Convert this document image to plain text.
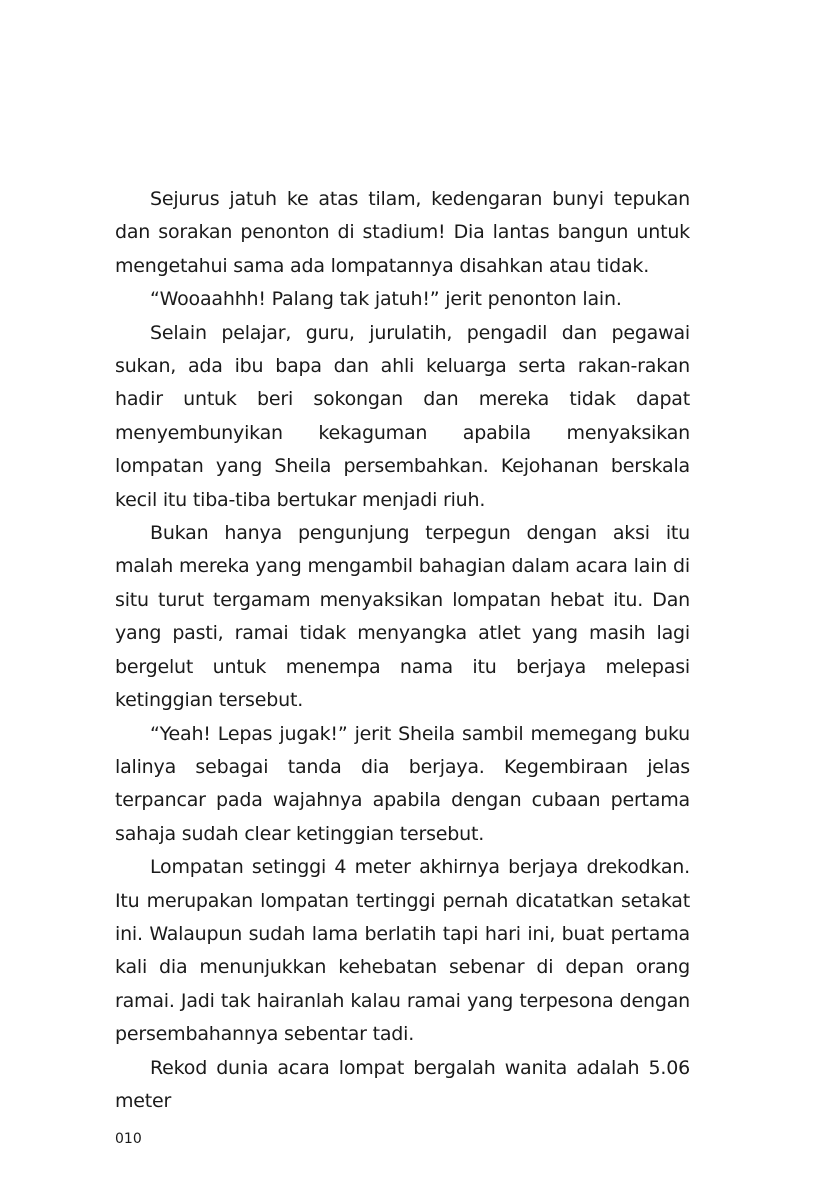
Sejurus jatuh ke atas tilam, kedengaran bunyi tepukan dan sorakan penonton di stadium! Dia lantas bangun untuk mengetahui sama ada lompatannya disahkan atau tidak.

“Wooaahhh! Palang tak jatuh!” jerit penonton lain.

Selain pelajar, guru, jurulatih, pengadil dan pegawai sukan, ada ibu bapa dan ahli keluarga serta rakan-rakan hadir untuk beri sokongan dan mereka tidak dapat menyembunyikan kekaguman apabila menyaksikan lompatan yang Sheila persembahkan. Kejohanan berskala kecil itu tiba-tiba bertukar menjadi riuh.

Bukan hanya pengunjung terpegun dengan aksi itu malah mereka yang mengambil bahagian dalam acara lain di situ turut tergamam menyaksikan lompatan hebat itu. Dan yang pasti, ramai tidak menyangka atlet yang masih lagi bergelut untuk menempa nama itu berjaya melepasi ketinggian tersebut.

“Yeah! Lepas jugak!” jerit Sheila sambil memegang buku lalinya sebagai tanda dia berjaya. Kegembiraan jelas terpancar pada wajahnya apabila dengan cubaan pertama sahaja sudah clear ketinggian tersebut.

Lompatan setinggi 4 meter akhirnya berjaya drekodkan. Itu merupakan lompatan tertinggi pernah dicatatkan setakat ini. Walaupun sudah lama berlatih tapi hari ini, buat pertama kali dia menunjukkan kehebatan sebenar di depan orang ramai. Jadi tak hairanlah kalau ramai yang terpesona dengan persembahannya sebentar tadi.

Rekod dunia acara lompat bergalah wanita adalah 5.06 meter

010
